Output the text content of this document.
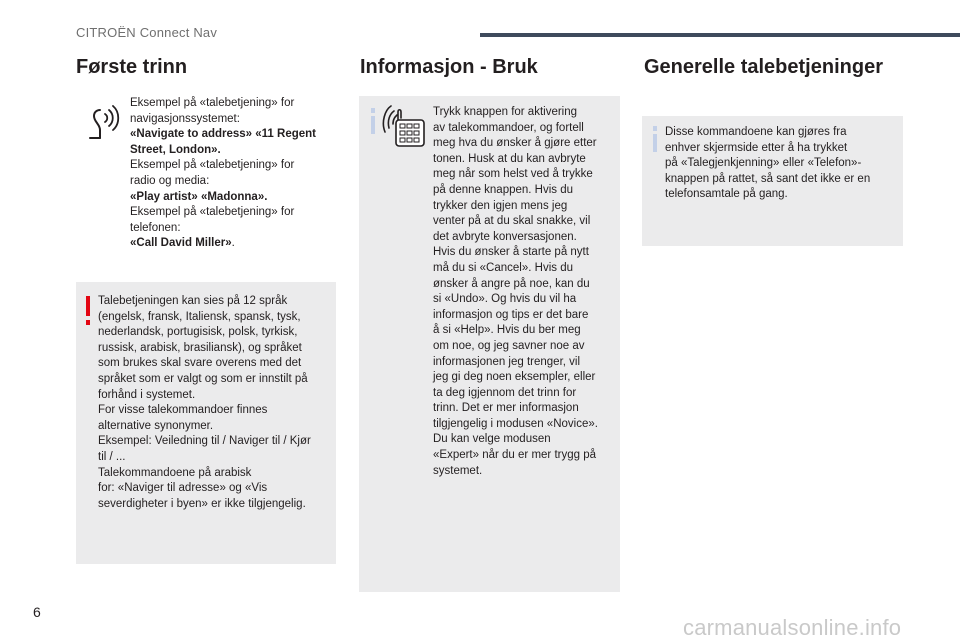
CITROËN Connect Nav
Første trinn	Informasjon - Bruk	Generelle talebetjeninger

Eksempel på «talebetjening» for

navigasjonssystemet:

«Navigate to address» «11 Regent

Street, London».

Eksempel på «talebetjening» for

radio og media:

«Play artist» «Madonna».

Eksempel på «talebetjening» for

telefonen:

«Call David Miller».

Talebetjeningen kan sies på 12 språk

(engelsk, fransk, Italiensk, spansk, tysk,

nederlandsk, portugisisk, polsk, tyrkisk,

russisk, arabisk, brasiliansk), og språket

som brukes skal svare overens med det

språket som er valgt og som er innstilt på

forhånd i systemet.

For visse talekommandoer finnes

alternative synonymer.

Eksempel: Veiledning til / Naviger til / Kjør

til / ...

Talekommandoene på arabisk

for: «Naviger til adresse» og «Vis

severdigheter i byen» er ikke tilgjengelig.

Trykk knappen for aktivering

av talekommandoer, og fortell

meg hva du ønsker å gjøre etter

tonen. Husk at du kan avbryte

meg når som helst ved å trykke

på denne knappen. Hvis du

trykker den igjen mens jeg

venter på at du skal snakke, vil

det avbryte konversasjonen.

Hvis du ønsker å starte på nytt

må du si «Cancel». Hvis du

ønsker å angre på noe, kan du

si «Undo». Og hvis du vil ha

informasjon og tips er det bare

å si «Help». Hvis du ber meg

om noe, og jeg savner noe av

informasjonen jeg trenger, vil

jeg gi deg noen eksempler, eller

ta deg igjennom det trinn for

trinn. Det er mer informasjon

tilgjengelig i modusen «Novice».

Du kan velge modusen

«Expert» når du er mer trygg på

systemet.

Disse kommandoene kan gjøres fra

enhver skjermside etter å ha trykket

på «Talegjenkjenning» eller «Telefon»-

knappen på rattet, så sant det ikke er en

telefonsamtale på gang.

6
carmanualsonline.info
